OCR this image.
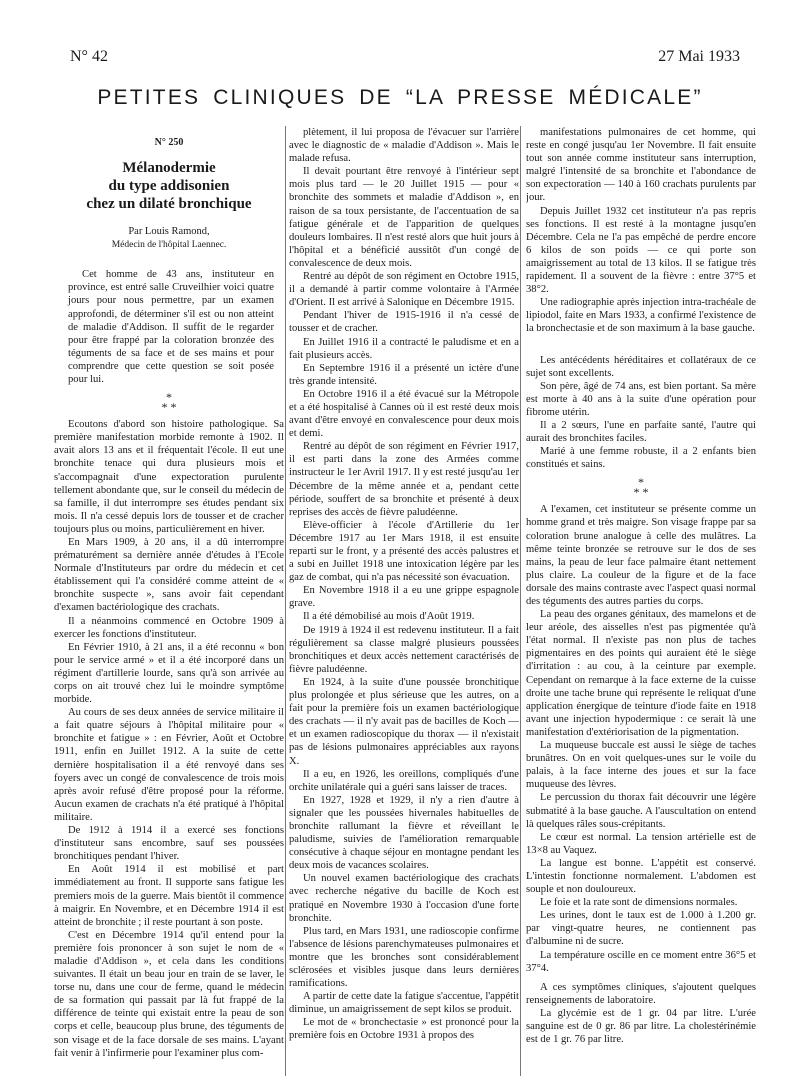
N° 42	27 Mai 1933
PETITES CLINIQUES DE “LA PRESSE MÉDICALE”
N° 250
Mélanodermie
du type addisonien
chez un dilaté bronchique
Par Louis Ramond,
Médecin de l'hôpital Laennec.

Cet homme de 43 ans, instituteur en province, est entré salle Cruveilhier voici quatre jours pour nous permettre, par un examen approfondi, de déterminer s'il est ou non atteint de maladie d'Addison. Il suffit de le regarder pour être frappé par la coloration bronzée des téguments de sa face et de ses mains et pour comprendre que cette question se soit posée pour lui.

*
* *

Ecoutons d'abord son histoire pathologique. Sa première manifestation morbide remonte à 1902. Il avait alors 13 ans et il fréquentait l'école. Il eut une bronchite tenace qui dura plusieurs mois et s'accompagnait d'une expectoration purulente tellement abondante que, sur le conseil du médecin de sa famille, il dut interrompre ses études pendant six mois. Il n'a cessé depuis lors de tousser et de cracher toujours plus ou moins, particulièrement en hiver.

En Mars 1909, à 20 ans, il a dû interrompre prématurément sa dernière année d'études à l'Ecole Normale d'Instituteurs par ordre du médecin et cet établissement qui l'a considéré comme atteint de « bronchite suspecte », sans avoir fait cependant d'examen bactériologique des crachats.

Il a néanmoins commencé en Octobre 1909 à exercer les fonctions d'instituteur.

En Février 1910, à 21 ans, il a été reconnu « bon pour le service armé » et il a été incorporé dans un régiment d'artillerie lourde, sans qu'à son arrivée au corps on ait trouvé chez lui le moindre symptôme morbide.

Au cours de ses deux années de service militaire il a fait quatre séjours à l'hôpital militaire pour « bronchite et fatigue » : en Février, Août et Octobre 1911, enfin en Juillet 1912. A la suite de cette dernière hospitalisation il a été renvoyé dans ses foyers avec un congé de convalescence de trois mois après avoir refusé d'être proposé pour la réforme. Aucun examen de crachats n'a été pratiqué à l'hôpital militaire.

De 1912 à 1914 il a exercé ses fonctions d'instituteur sans encombre, sauf ses poussées bronchitiques pendant l'hiver.

En Août 1914 il est mobilisé et part immédiatement au front. Il supporte sans fatigue les premiers mois de la guerre. Mais bientôt il commence à maigrir. En Novembre, et en Décembre 1914 il est atteint de bronchite ; il reste pourtant à son poste.

C'est en Décembre 1914 qu'il entend pour la première fois prononcer à son sujet le nom de « maladie d'Addison », et cela dans les conditions suivantes. Il était un beau jour en train de se laver, le torse nu, dans une cour de ferme, quand le médecin de sa formation qui passait par là fut frappé de la différence de teinte qui existait entre la peau de son corps et celle, beaucoup plus brune, des téguments de son visage et de la face dorsale de ses mains. L'ayant fait venir à l'infirmerie pour l'examiner plus com-

plètement, il lui proposa de l'évacuer sur l'arrière avec le diagnostic de « maladie d'Addison ». Mais le malade refusa.

Il devait pourtant être renvoyé à l'intérieur sept mois plus tard — le 20 Juillet 1915 — pour « bronchite des sommets et maladie d'Addison », en raison de sa toux persistante, de l'accentuation de sa fatigue générale et de l'apparition de quelques douleurs lombaires. Il n'est resté alors que huit jours à l'hôpital et a bénéficié aussitôt d'un congé de convalescence de deux mois.

Rentré au dépôt de son régiment en Octobre 1915, il a demandé à partir comme volontaire à l'Armée d'Orient. Il est arrivé à Salonique en Décembre 1915.

Pendant l'hiver de 1915-1916 il n'a cessé de tousser et de cracher.

En Juillet 1916 il a contracté le paludisme et en a fait plusieurs accès.

En Septembre 1916 il a présenté un ictère d'une très grande intensité.

En Octobre 1916 il a été évacué sur la Métropole et a été hospitalisé à Cannes où il est resté deux mois avant d'être envoyé en convalescence pour deux mois et demi.

Rentré au dépôt de son régiment en Février 1917, il est parti dans la zone des Armées comme instructeur le 1er Avril 1917. Il y est resté jusqu'au 1er Décembre de la même année et a, pendant cette période, souffert de sa bronchite et présenté à deux reprises des accès de fièvre paludéenne.

Elève-officier à l'école d'Artillerie du 1er Décembre 1917 au 1er Mars 1918, il est ensuite reparti sur le front, y a présenté des accès palustres et a subi en Juillet 1918 une intoxication légère par les gaz de combat, qui n'a pas nécessité son évacuation.

En Novembre 1918 il a eu une grippe espagnole grave.

Il a été démobilisé au mois d'Août 1919.

De 1919 à 1924 il est redevenu instituteur. Il a fait régulièrement sa classe malgré plusieurs poussées bronchitiques et deux accès nettement caractérisés de fièvre paludéenne.

En 1924, à la suite d'une poussée bronchitique plus prolongée et plus sérieuse que les autres, on a fait pour la première fois un examen bactériologique des crachats — il n'y avait pas de bacilles de Koch — et un examen radioscopique du thorax — il n'existait pas de lésions pulmonaires appréciables aux rayons X.

Il a eu, en 1926, les oreillons, compliqués d'une orchite unilatérale qui a guéri sans laisser de traces.

En 1927, 1928 et 1929, il n'y a rien d'autre à signaler que les poussées hivernales habituelles de bronchite rallumant la fièvre et réveillant le paludisme, suivies de l'amélioration remarquable consécutive à chaque séjour en montagne pendant les deux mois de vacances scolaires.

Un nouvel examen bactériologique des crachats avec recherche négative du bacille de Koch est pratiqué en Novembre 1930 à l'occasion d'une forte bronchite.

Plus tard, en Mars 1931, une radioscopie confirme l'absence de lésions parenchymateuses pulmonaires et montre que les bronches sont considérablement sclérosées et visibles jusque dans leurs dernières ramifications.

A partir de cette date la fatigue s'accentue, l'appétit diminue, un amaigrissement de sept kilos se produit.

Le mot de « bronchectasie » est prononcé pour la première fois en Octobre 1931 à propos des

manifestations pulmonaires de cet homme, qui reste en congé jusqu'au 1er Novembre. Il fait ensuite tout son année comme instituteur sans interruption, malgré l'intensité de sa bronchite et l'abondance de son expectoration — 140 à 160 crachats purulents par jour.

Depuis Juillet 1932 cet instituteur n'a pas repris ses fonctions. Il est resté à la montagne jusqu'en Décembre. Cela ne l'a pas empêché de perdre encore 6 kilos de son poids — ce qui porte son amaigrissement au total de 13 kilos. Il se fatigue très rapidement. Il a souvent de la fièvre : entre 37°5 et 38°2.

Une radiographie après injection intra-trachéale de lipiodol, faite en Mars 1933, a confirmé l'existence de la bronchectasie et de son maximum à la base gauche.

Les antécédents héréditaires et collatéraux de ce sujet sont excellents.

Son père, âgé de 74 ans, est bien portant. Sa mère est morte à 40 ans à la suite d'une opération pour fibrome utérin.

Il a 2 sœurs, l'une en parfaite santé, l'autre qui aurait des bronchites faciles.

Marié à une femme robuste, il a 2 enfants bien constitués et sains.

*
* *

A l'examen, cet instituteur se présente comme un homme grand et très maigre. Son visage frappe par sa coloration brune analogue à celle des mulâtres. La même teinte bronzée se retrouve sur le dos de ses mains, la peau de leur face palmaire étant nettement plus claire. La couleur de la figure et de la face dorsale des mains contraste avec l'aspect quasi normal des téguments des autres parties du corps.

La peau des organes génitaux, des mamelons et de leur aréole, des aisselles n'est pas pigmentée qu'à l'état normal. Il n'existe pas non plus de taches pigmentaires en des points qui auraient été le siège d'irritation : au cou, à la ceinture par exemple. Cependant on remarque à la face externe de la cuisse droite une tache brune qui représente le reliquat d'une application énergique de teinture d'iode faite en 1918 avant une injection hypodermique : ce serait là une manifestation d'extériorisation de la pigmentation.

La muqueuse buccale est aussi le siège de taches brunâtres. On en voit quelques-unes sur le voile du palais, à la face interne des joues et sur la face muqueuse des lèvres.

Le percussion du thorax fait découvrir une légère submatité à la base gauche. A l'auscultation on entend là quelques râles sous-crépitants.

Le cœur est normal. La tension artérielle est de 13×8 au Vaquez.

La langue est bonne. L'appétit est conservé. L'intestin fonctionne normalement. L'abdomen est souple et non douloureux.

Le foie et la rate sont de dimensions normales.

Les urines, dont le taux est de 1.000 à 1.200 gr. par vingt-quatre heures, ne contiennent pas d'albumine ni de sucre.

La température oscille en ce moment entre 36°5 et 37°4.

A ces symptômes cliniques, s'ajoutent quelques renseignements de laboratoire.

La glycémie est de 1 gr. 04 par litre. L'urée sanguine est de 0 gr. 86 par litre. La cholestérinémie est de 1 gr. 76 par litre.
